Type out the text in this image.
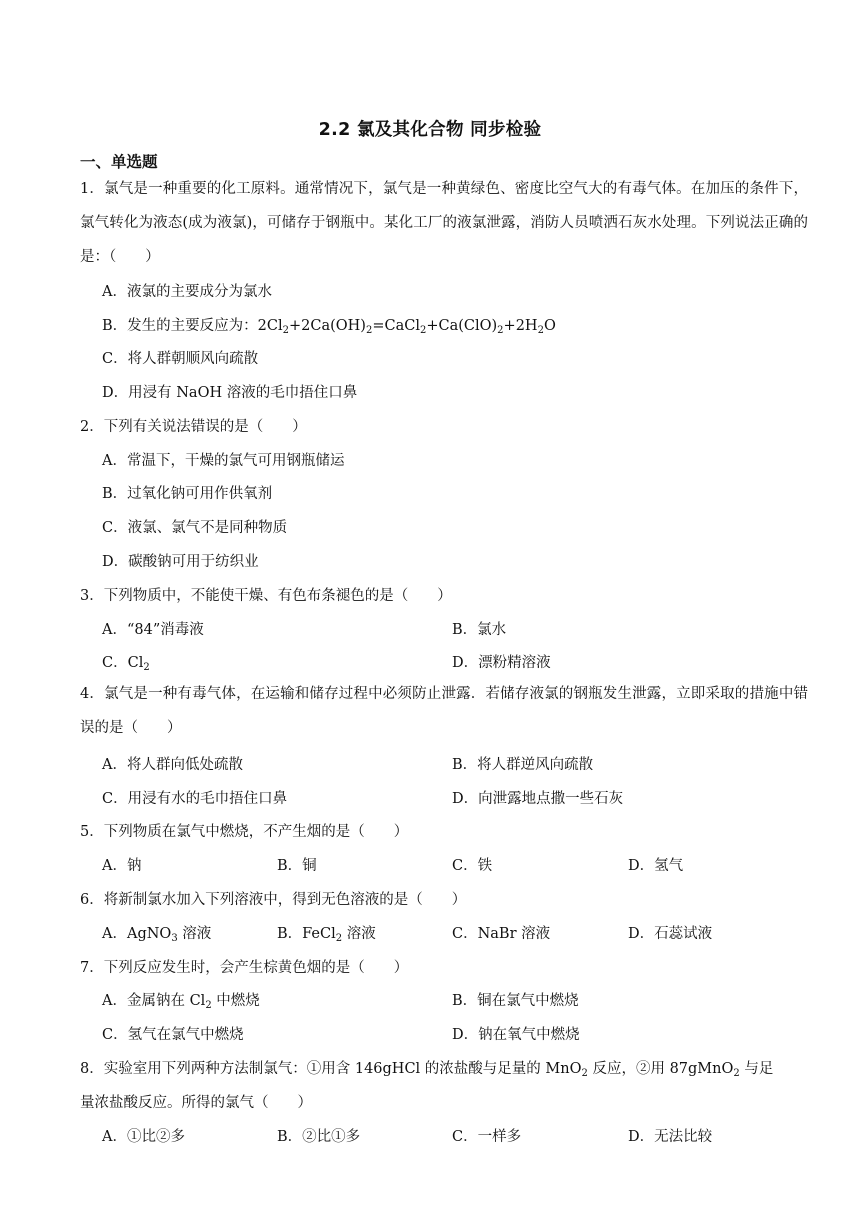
2.2 氯及其化合物 同步检验
一、单选题
1．氯气是一种重要的化工原料。通常情况下，氯气是一种黄绿色、密度比空气大的有毒气体。在加压的条件下，氯气转化为液态(成为液氯)，可储存于钢瓶中。某化工厂的液氯泄露，消防人员喷洒石灰水处理。下列说法正确的是：（　　）
A．液氯的主要成分为氯水
B．发生的主要反应为：$2Cl_2+2Ca(OH)_2=CaCl_2+Ca(ClO)_2+2H_2O$
C．将人群朝顺风向疏散
D．用浸有 NaOH 溶液的毛巾捂住口鼻
2．下列有关说法错误的是（　　）
A．常温下，干燥的氯气可用钢瓶储运
B．过氧化钠可用作供氧剂
C．液氯、氯气不是同种物质
D．碳酸钠可用于纺织业
3．下列物质中，不能使干燥、有色布条褪色的是（　　）
A．“84”消毒液	B．氯水
C．$Cl_2$	D．漂粉精溶液
4．氯气是一种有毒气体，在运输和储存过程中必须防止泄露．若储存液氯的钢瓶发生泄露，立即采取的措施中错误的是（　　）
A．将人群向低处疏散	B．将人群逆风向疏散
C．用浸有水的毛巾捂住口鼻	D．向泄露地点撒一些石灰
5．下列物质在氯气中燃烧，不产生烟的是（　　）
A．钠	B．铜	C．铁	D．氢气
6．将新制氯水加入下列溶液中，得到无色溶液的是（　　）
A．AgNO$_3$ 溶液	B．FeCl$_2$ 溶液	C．NaBr 溶液	D．石蕊试液
7．下列反应发生时，会产生棕黄色烟的是（　　）
A．金属钠在 $Cl_2$ 中燃烧	B．铜在氯气中燃烧
C．氢气在氯气中燃烧	D．钠在氧气中燃烧
8．实验室用下列两种方法制氯气：①用含 146gHCl 的浓盐酸与足量的 MnO$_2$ 反应，②用 87gMnO$_2$ 与足
量浓盐酸反应。所得的氯气（　　）
A．①比②多	B．②比①多	C．一样多	D．无法比较
